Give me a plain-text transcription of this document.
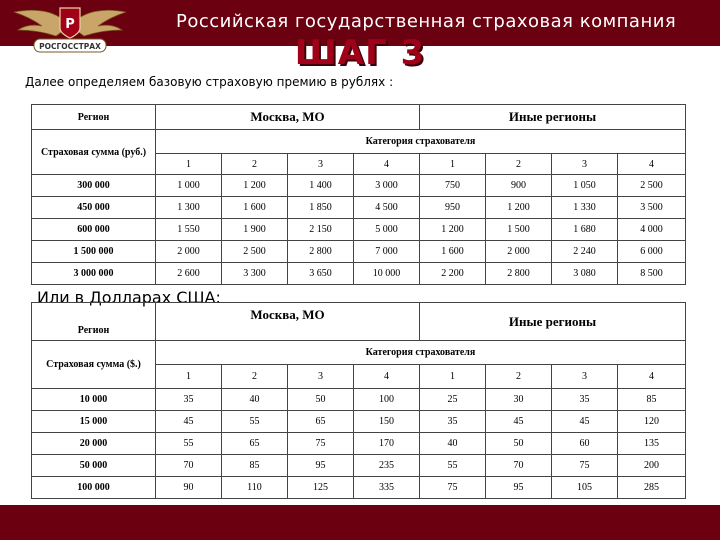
Р
РОСГОССТРАХ
Российская государственная страховая компания
ШАГ 3
Далее определяем базовую страховую премию в рублях :
Регион	Москва, МО				Иные регионы			
Страховая сумма (руб.)	Категория страхователя							
	1	2	3	4	1	2	3	4
300 000	1 000	1 200	1 400	3 000	750	900	1 050	2 500
450 000	1 300	1 600	1 850	4 500	950	1 200	1 330	3 500
600 000	1 550	1 900	2 150	5 000	1 200	1 500	1 680	4 000
1 500 000	2 000	2 500	2 800	7 000	1 600	2 000	2 240	6 000
3 000 000	2 600	3 300	3 650	10 000	2 200	2 800	3 080	8 500
Или в Долларах США:
Регион	Москва, МО				Иные регионы			
Страховая сумма ($.)	Категория страхователя							
	1	2	3	4	1	2	3	4
10 000	35	40	50	100	25	30	35	85
15 000	45	55	65	150	35	45	45	120
20 000	55	65	75	170	40	50	60	135
50 000	70	85	95	235	55	70	75	200
100 000	90	110	125	335	75	95	105	285
